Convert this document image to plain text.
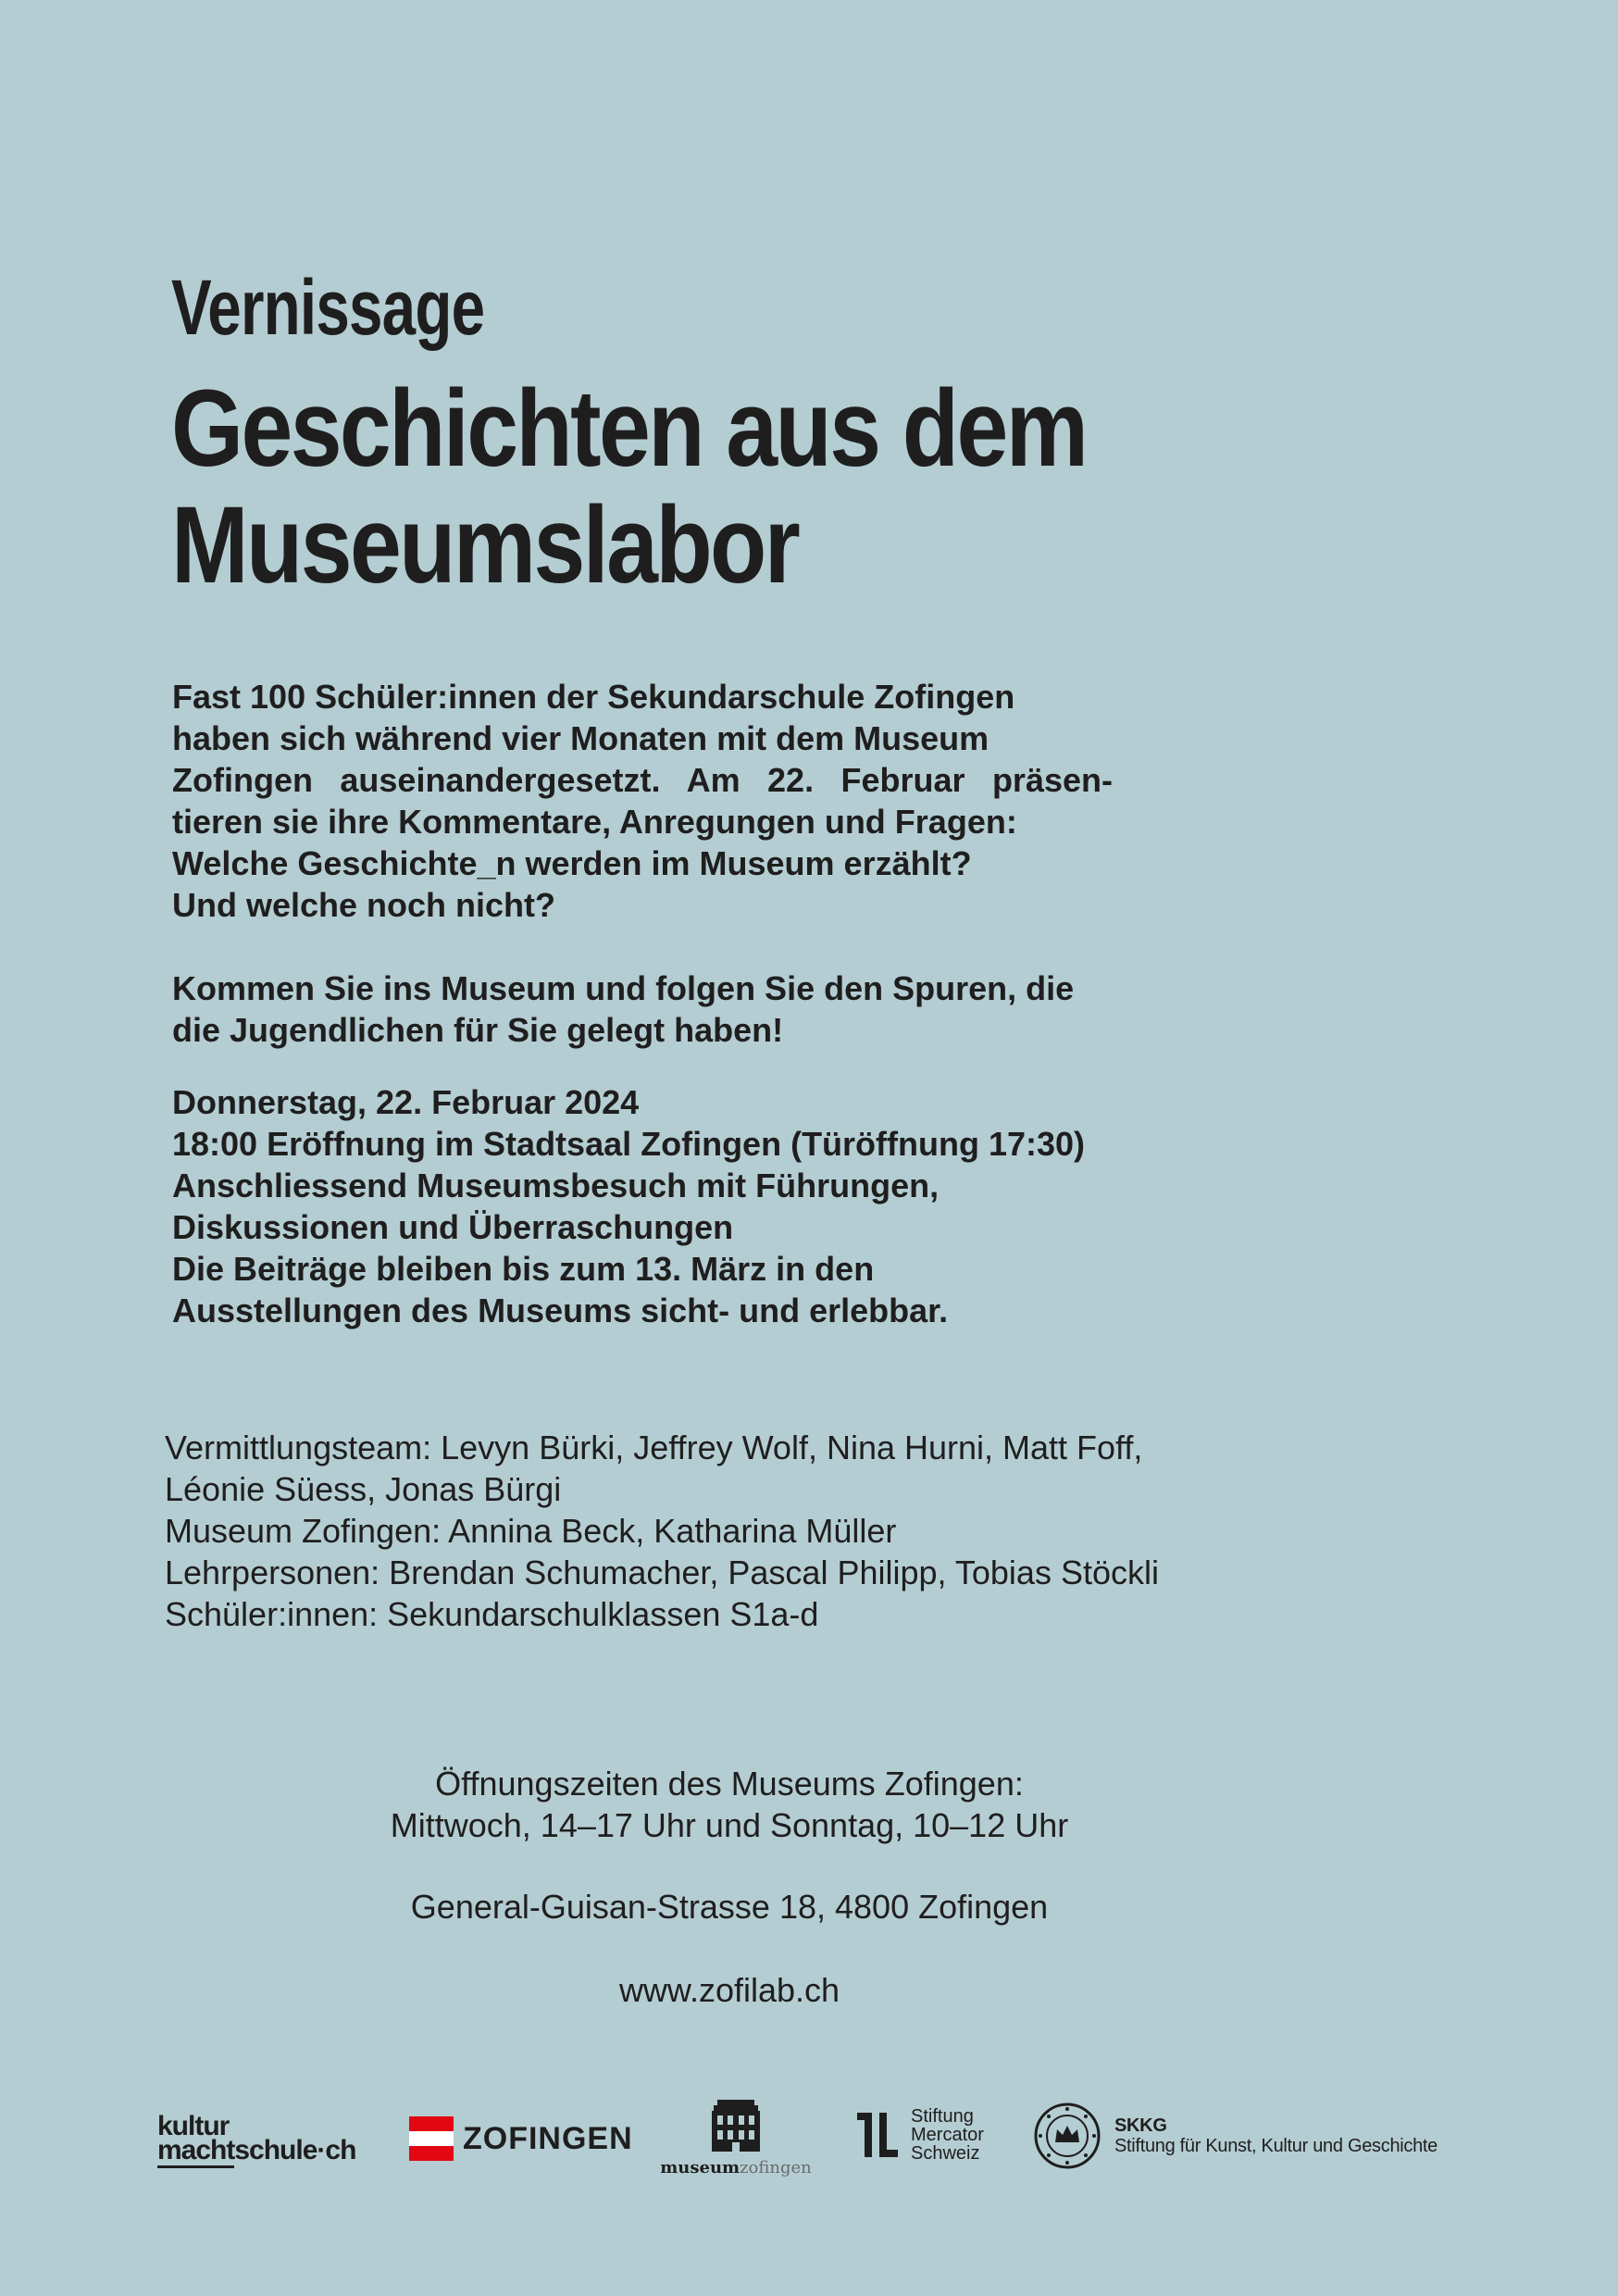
Vernissage
Geschichten aus dem
Museumslabor
Fast 100 Schüler:innen der Sekundarschule Zofingen
haben sich während vier Monaten mit dem Museum
Zofingen auseinandergesetzt. Am 22. Februar präsen-
tieren sie ihre Kommentare, Anregungen und Fragen:
Welche Geschichte_n werden im Museum erzählt?
Und welche noch nicht?
Kommen Sie ins Museum und folgen Sie den Spuren, die
die Jugendlichen für Sie gelegt haben!
Donnerstag, 22. Februar 2024
18:00 Eröffnung im Stadtsaal Zofingen (Türöffnung 17:30)
Anschliessend Museumsbesuch mit Führungen,
Diskussionen und Überraschungen
Die Beiträge bleiben bis zum 13. März in den
Ausstellungen des Museums sicht- und erlebbar.
Vermittlungsteam: Levyn Bürki, Jeffrey Wolf, Nina Hurni, Matt Foff,
Léonie Süess, Jonas Bürgi
Museum Zofingen: Annina Beck, Katharina Müller
Lehrpersonen: Brendan Schumacher, Pascal Philipp, Tobias Stöckli
Schüler:innen: Sekundarschulklassen S1a-d
Öffnungszeiten des Museums Zofingen:
Mittwoch, 14–17 Uhr und Sonntag, 10–12 Uhr
General-Guisan-Strasse 18, 4800 Zofingen
www.zofilab.ch
kultur
machtschule·ch	ZOFINGEN
museumzofingen
Stiftung
Mercator
Schweiz
SKKG
Stiftung für Kunst, Kultur und Geschichte
